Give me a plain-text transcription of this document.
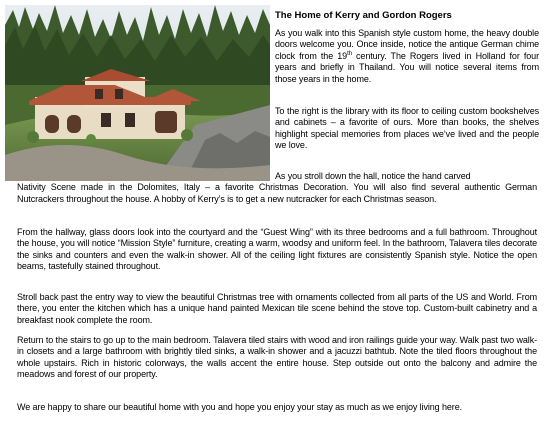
The Home of Kerry and Gordon Rogers

As you walk into this Spanish style custom home, the heavy double doors welcome you. Once inside, notice the antique German chime clock from the 19th century. The Rogers lived in Holland for four years and briefly in Thailand. You will notice several items from those years in the home.

To the right is the library with its floor to ceiling custom bookshelves and cabinets – a favorite of ours. More than books, the shelves highlight special memories from places we’ve lived and the people we love.

As you stroll down the hall, notice the hand carved
Nativity Scene made in the Dolomites, Italy – a favorite Christmas Decoration. You will also find several authentic German Nutcrackers throughout the house. A hobby of Kerry’s is to get a new nutcracker for each Christmas season.

From the hallway, glass doors look into the courtyard and the “Guest Wing” with its three bedrooms and a full bathroom. Throughout the house, you will notice “Mission Style” furniture, creating a warm, woodsy and uniform feel. In the bathroom, Talavera tiles decorate the sinks and counters and even the walk-in shower. All of the ceiling light fixtures are consistently Spanish style. Notice the open beams, tastefully stained throughout.

Stroll back past the entry way to view the beautiful Christmas tree with ornaments collected from all parts of the US and World. From there, you enter the kitchen which has a unique hand painted Mexican tile scene behind the stove top. Custom-built cabinetry and a breakfast nook complete the room.

Return to the stairs to go up to the main bedroom. Talavera tiled stairs with wood and iron railings guide your way. Walk past two walk-in closets and a large bathroom with brightly tiled sinks, a walk-in shower and a jacuzzi bathtub. Note the tiled floors throughout the whole upstairs. Rich in historic colorways, the walls accent the entire house. Step outside out onto the balcony and admire the meadows and forest of our property.

We are happy to share our beautiful home with you and hope you enjoy your stay as much as we enjoy living here.
